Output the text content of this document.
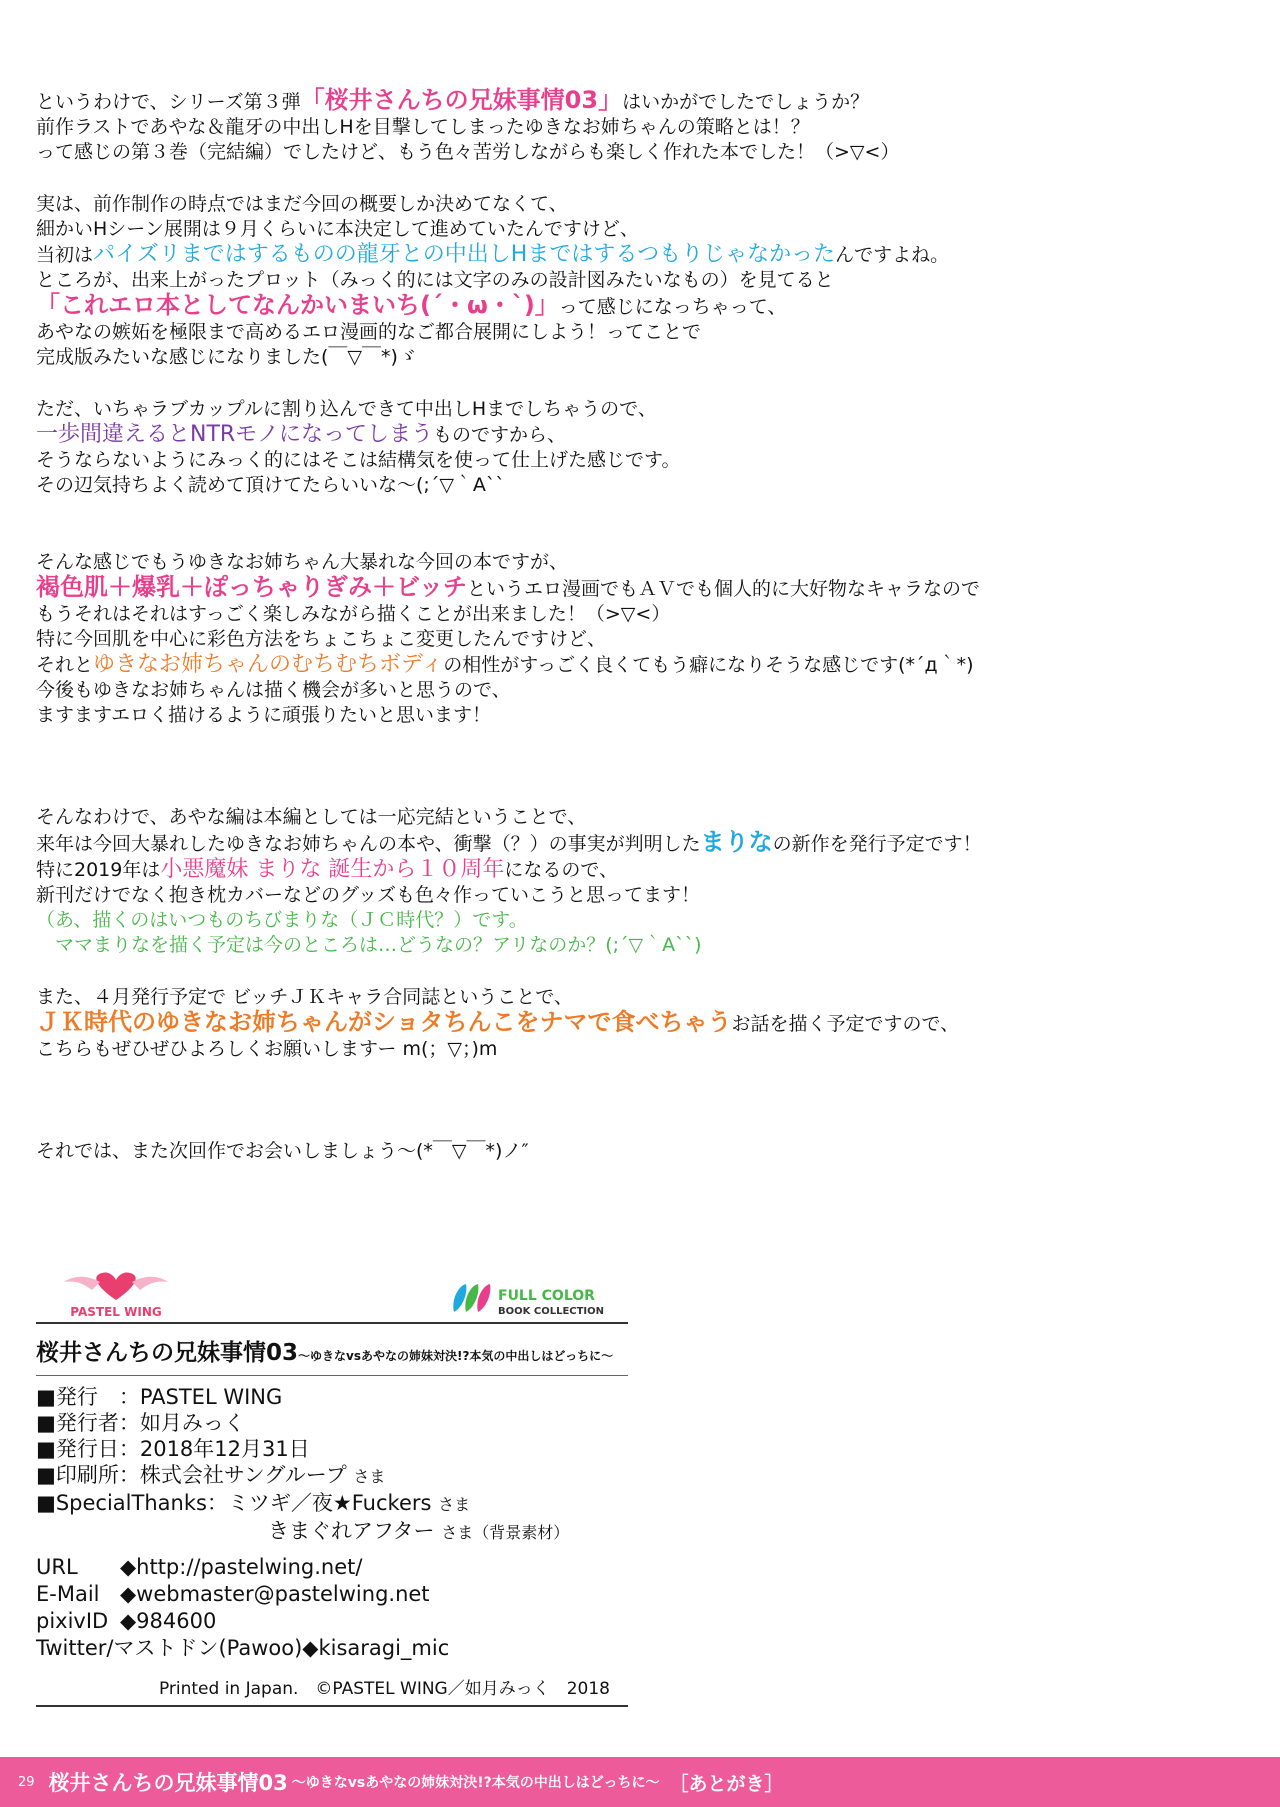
というわけで、シリーズ第３弾「桜井さんちの兄妹事情03」はいかがでしたでしょうか？
前作ラストであやな＆龍牙の中出しHを目撃してしまったゆきなお姉ちゃんの策略とは！？
って感じの第３巻（完結編）でしたけど、もう色々苦労しながらも楽しく作れた本でした！（>▽<）
実は、前作制作の時点ではまだ今回の概要しか決めてなくて、
細かいHシーン展開は９月くらいに本決定して進めていたんですけど、
当初はパイズリまではするものの龍牙との中出しHまではするつもりじゃなかったんですよね。
ところが、出来上がったプロット（みっく的には文字のみの設計図みたいなもの）を見てると
「これエロ本としてなんかいまいち(´・ω・`)」って感じになっちゃって、
あやなの嫉妬を極限まで高めるエロ漫画的なご都合展開にしよう！ってことで
完成版みたいな感じになりました(￣▽￣*)ゞ
ただ、いちゃラブカップルに割り込んできて中出しHまでしちゃうので、
一歩間違えるとNTRモノになってしまうものですから、
そうならないようにみっく的にはそこは結構気を使って仕上げた感じです。
その辺気持ちよく読めて頂けてたらいいな〜(;´▽｀A``
そんな感じでもうゆきなお姉ちゃん大暴れな今回の本ですが、
褐色肌＋爆乳＋ぽっちゃりぎみ＋ビッチというエロ漫画でもＡＶでも個人的に大好物なキャラなので
もうそれはそれはすっごく楽しみながら描くことが出来ました！（>▽<）
特に今回肌を中心に彩色方法をちょこちょこ変更したんですけど、
それとゆきなお姉ちゃんのむちむちボディの相性がすっごく良くてもう癖になりそうな感じです(*´д｀*)
今後もゆきなお姉ちゃんは描く機会が多いと思うので、
ますますエロく描けるように頑張りたいと思います！
そんなわけで、あやな編は本編としては一応完結ということで、
来年は今回大暴れしたゆきなお姉ちゃんの本や、衝撃（？）の事実が判明したまりなの新作を発行予定です！
特に2019年は小悪魔妹 まりな 誕生から１０周年になるので、
新刊だけでなく抱き枕カバーなどのグッズも色々作っていこうと思ってます！
（あ、描くのはいつものちびまりな（ＪＣ時代？）です。
　ママまりなを描く予定は今のところは…どうなの？アリなのか？(;´▽｀A``)
また、４月発行予定で ビッチＪＫキャラ合同誌ということで、
ＪＫ時代のゆきなお姉ちゃんがショタちんこをナマで食べちゃうお話を描く予定ですので、
こちらもぜひぜひよろしくお願いしますー m(；▽；)m
それでは、また次回作でお会いしましょう〜(*￣▽￣*)ノ″
PASTEL WING
FULL COLOR
BOOK COLLECTION
桜井さんちの兄妹事情03〜ゆきなvsあやなの姉妹対決!?本気の中出しはどっちに〜
■発行　：PASTEL WING
■発行者：如月みっく
■発行日：2018年12月31日
■印刷所：株式会社サングループ さま
■SpecialThanks：ミツギ／夜★Fuckers さま
きまぐれアフター さま（背景素材）
URL ◆http://pastelwing.net/
E-Mail ◆webmaster@pastelwing.net
pixivID ◆984600
Twitter/マストドン(Pawoo)◆kisaragi_mic
Printed in Japan.　©PASTEL WING／如月みっく　2018
29 桜井さんちの兄妹事情03 〜ゆきなvsあやなの姉妹対決!?本気の中出しはどっちに〜 ［あとがき］
